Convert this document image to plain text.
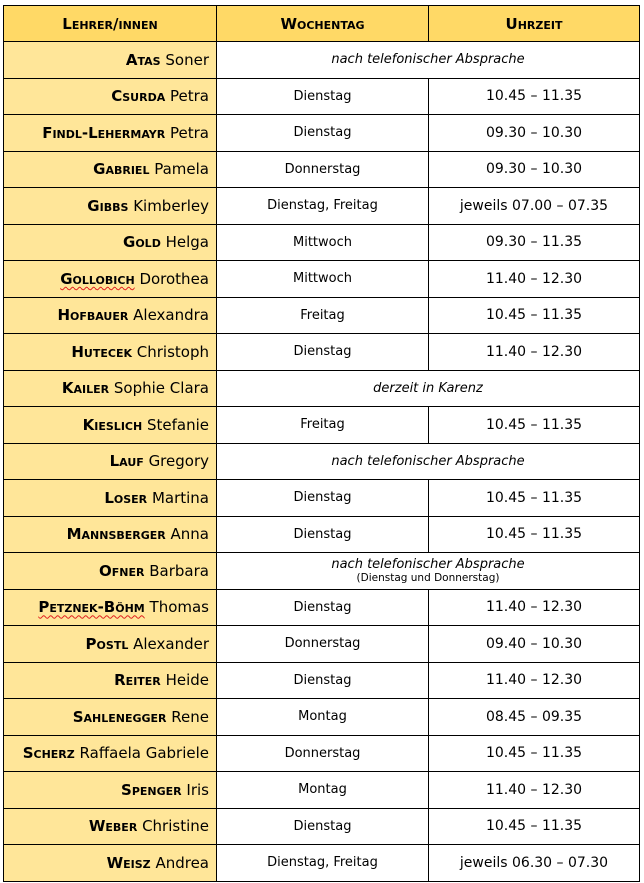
Lehrer/innen	Wochentag	Uhrzeit
Atas Soner	nach telefonischer Absprache	
Csurda Petra	Dienstag	10.45 – 11.35
Findl-Lehermayr Petra	Dienstag	09.30 – 10.30
Gabriel Pamela	Donnerstag	09.30 – 10.30
Gibbs Kimberley	Dienstag, Freitag	jeweils 07.00 – 07.35
Gold Helga	Mittwoch	09.30 – 11.35
Gollobich Dorothea	Mittwoch	11.40 – 12.30
Hofbauer Alexandra	Freitag	10.45 – 11.35
Hutecek Christoph	Dienstag	11.40 – 12.30
Kailer Sophie Clara	derzeit in Karenz	
Kieslich Stefanie	Freitag	10.45 – 11.35
Lauf Gregory	nach telefonischer Absprache	
Loser Martina	Dienstag	10.45 – 11.35
Mannsberger Anna	Dienstag	10.45 – 11.35
Ofner Barbara	nach telefonischer Absprache
(Dienstag und Donnerstag)	

Petznek-Böhm Thomas	Dienstag	11.40 – 12.30
Postl Alexander	Donnerstag	09.40 – 10.30
Reiter Heide	Dienstag	11.40 – 12.30
Sahlenegger Rene	Montag	08.45 – 09.35
Scherz Raffaela Gabriele	Donnerstag	10.45 – 11.35
Spenger Iris	Montag	11.40 – 12.30
Weber Christine	Dienstag	10.45 – 11.35
Weisz Andrea	Dienstag, Freitag	jeweils 06.30 – 07.30
